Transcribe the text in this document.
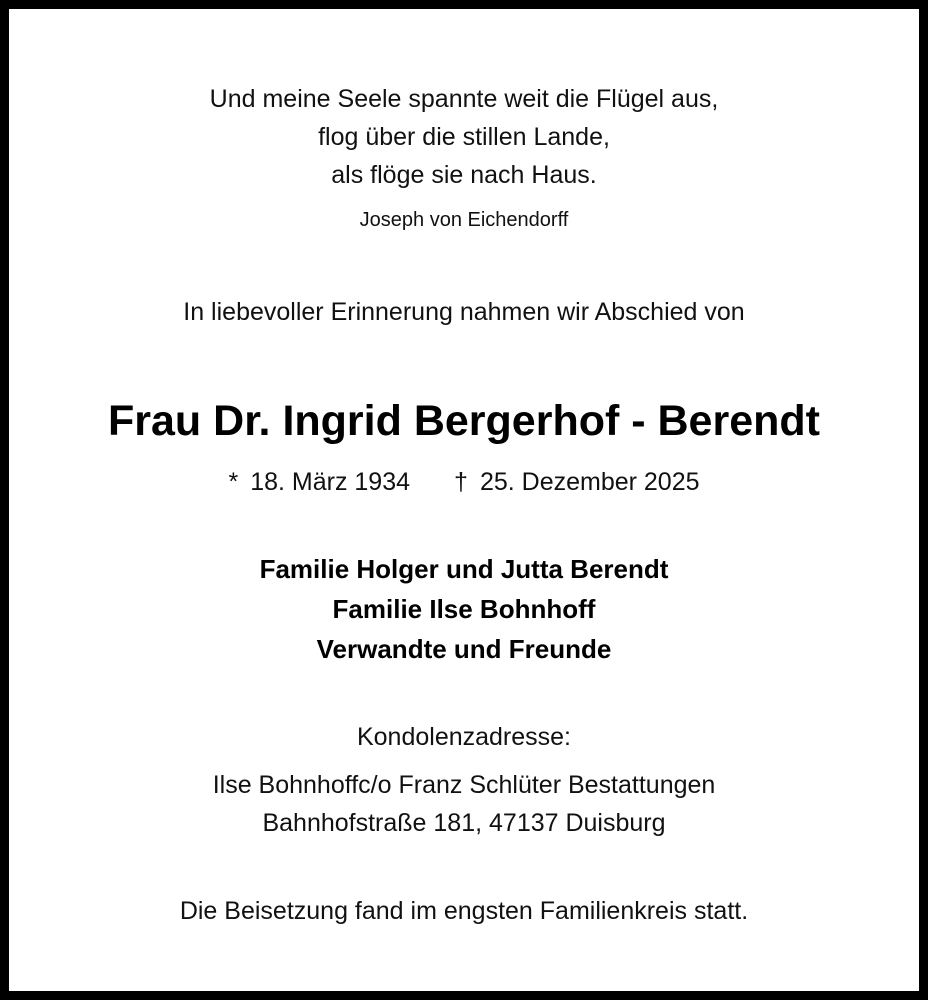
Und meine Seele spannte weit die Flügel aus,
flog über die stillen Lande,
als flöge sie nach Haus.
Joseph von Eichendorff
In liebevoller Erinnerung nahmen wir Abschied von
Frau Dr. Ingrid Bergerhof - Berendt
* 18. März 1934 † 25. Dezember 2025
Familie Holger und Jutta Berendt
Familie Ilse Bohnhoff
Verwandte und Freunde
Kondolenzadresse:
Ilse Bohnhoffc/o Franz Schlüter Bestattungen
Bahnhofstraße 181, 47137 Duisburg
Die Beisetzung fand im engsten Familienkreis statt.
